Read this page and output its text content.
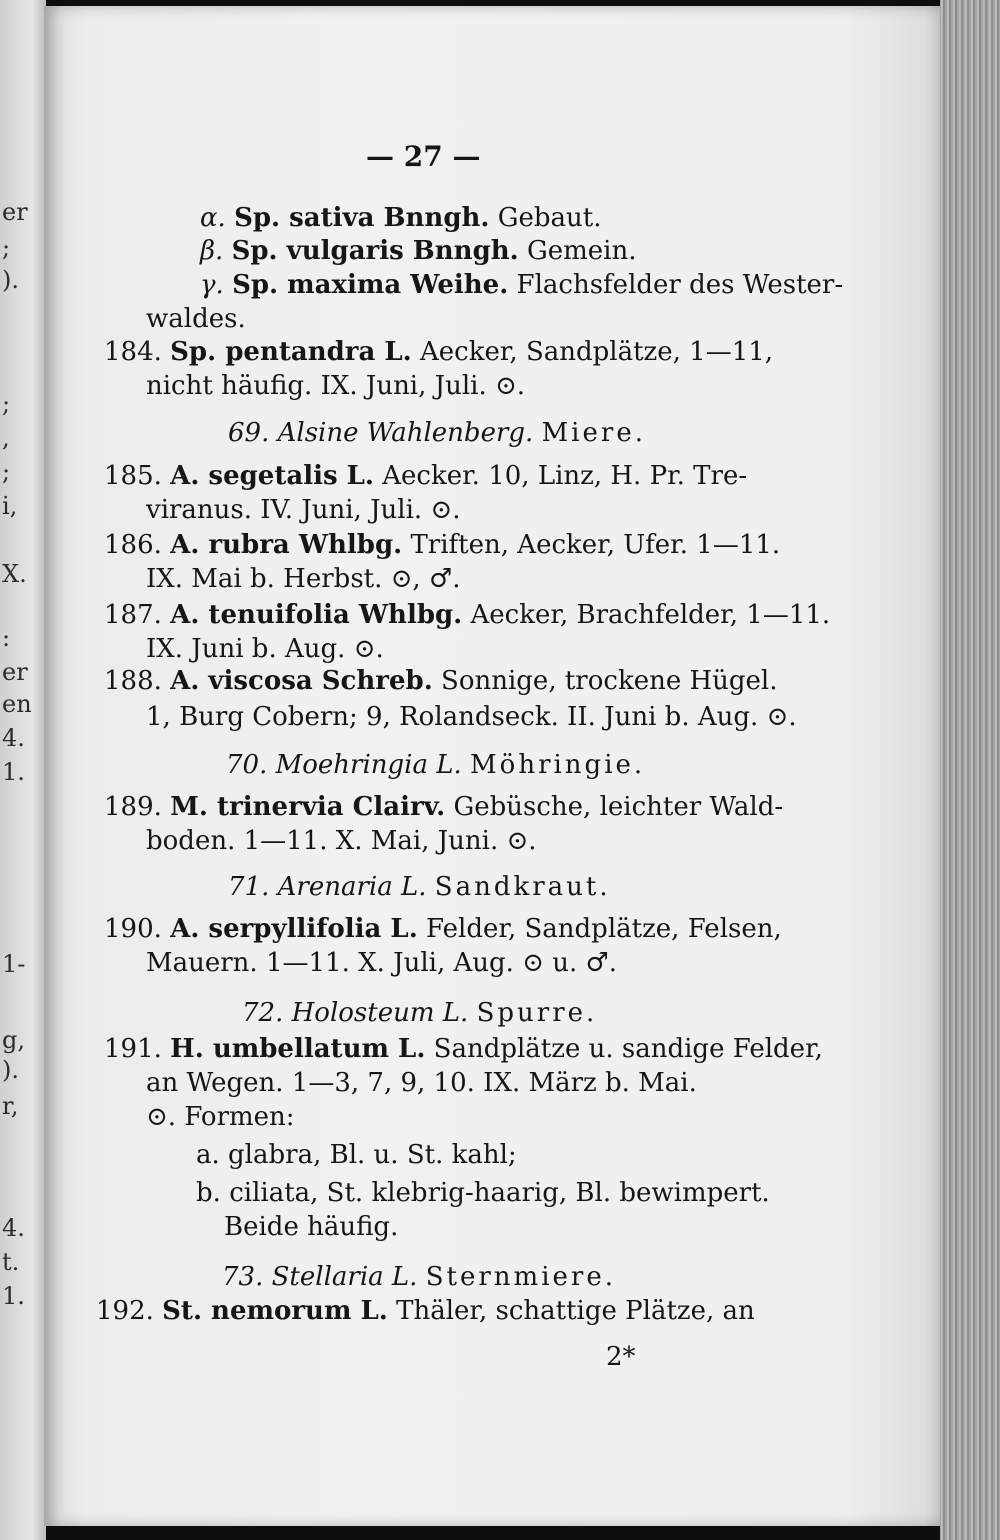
er
;
).
;
,
;
i,
X.
:
er
en
4.
1.
1-
g,
).
r,
4.
t.
1.
— 27 —
α. Sp. sativa Bnngh. Gebaut.
β. Sp. vulgaris Bnngh. Gemein.
γ. Sp. maxima Weihe. Flachsfelder des Wester-
waldes.
184. Sp. pentandra L. Aecker, Sandplätze, 1—11,
nicht häufig. IX. Juni, Juli. ⊙.
69. Alsine Wahlenberg. Miere.
185. A. segetalis L. Aecker. 10, Linz, H. Pr. Tre-
viranus. IV. Juni, Juli. ⊙.
186. A. rubra Whlbg. Triften, Aecker, Ufer. 1—11.
IX. Mai b. Herbst. ⊙, ♂.
187. A. tenuifolia Whlbg. Aecker, Brachfelder, 1—11.
IX. Juni b. Aug. ⊙.
188. A. viscosa Schreb. Sonnige, trockene Hügel.
1, Burg Cobern; 9, Rolandseck. II. Juni b. Aug. ⊙.
70. Moehringia L. Möhringie.
189. M. trinervia Clairv. Gebüsche, leichter Wald-
boden. 1—11. X. Mai, Juni. ⊙.
71. Arenaria L. Sandkraut.
190. A. serpyllifolia L. Felder, Sandplätze, Felsen,
Mauern. 1—11. X. Juli, Aug. ⊙ u. ♂.
72. Holosteum L. Spurre.
191. H. umbellatum L. Sandplätze u. sandige Felder,
an Wegen. 1—3, 7, 9, 10. IX. März b. Mai.
⊙. Formen:
a. glabra, Bl. u. St. kahl;
b. ciliata, St. klebrig-haarig, Bl. bewimpert.
Beide häufig.
73. Stellaria L. Sternmiere.
192. St. nemorum L. Thäler, schattige Plätze, an
2*
